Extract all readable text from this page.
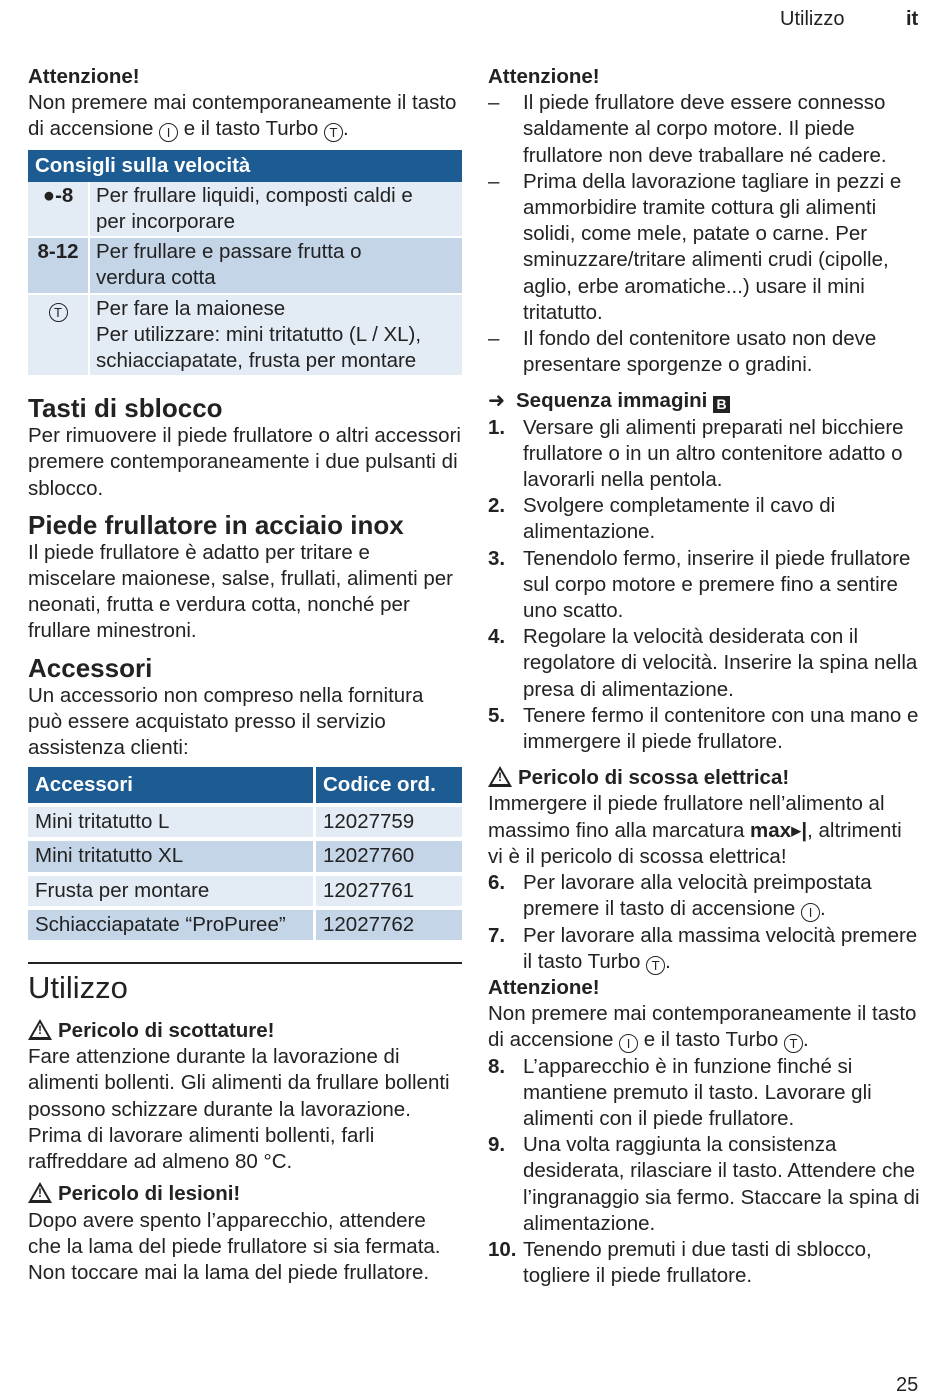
Utilizzo	it

Attenzione!

Non premere mai contemporaneamente il tasto di accensione I e il tasto Turbo T .

Consigli sulla velocità	
●-8	Per frullare liquidi, composti caldi e
per incorporare

8-12	Per frullare e passare frutta o
verdura cotta

T	Per fare la maionese
Per utilizzare: mini tritatutto (L / XL),
schiacciapatate, frusta per montare
Tasti di sblocco

Per rimuovere il piede frullatore o altri accessori premere contemporaneamente i due pulsanti di sblocco.

Piede frullatore in acciaio inox

Il piede frullatore è adatto per tritare e miscelare maionese, salse, frullati, alimenti per neonati, frutta e verdura cotta, nonché per frullare minestroni.

Accessori

Un accessorio non compreso nella fornitura può essere acquistato presso il servizio assistenza clienti:

Accessori	Codice ord.
Mini tritatutto L	12027759
Mini tritatutto XL	12027760
Frusta per montare	12027761
Schiacciapatate “ProPuree”	12027762
Utilizzo

! Pericolo di scottature!

Fare attenzione durante la lavorazione di alimenti bollenti. Gli alimenti da frullare bollenti possono schizzare durante la lavorazione. Prima di lavorare alimenti bollenti, farli raffreddare ad almeno 80 °C.

! Pericolo di lesioni!

Dopo avere spento l’apparecchio, attendere che la lama del piede frullatore si sia fermata. Non toccare mai la lama del piede frullatore.

Attenzione!

– Il piede frullatore deve essere connesso saldamente al corpo motore. Il piede frullatore non deve traballare né cadere.
– Prima della lavorazione tagliare in pezzi e ammorbidire tramite cottura gli alimenti solidi, come mele, patate o carne. Per sminuzzare/tritare alimenti crudi (cipolle, aglio, erbe aromatiche...) usare il mini tritatutto.
– Il fondo del contenitore usato non deve presentare sporgenze o gradini.

➜ Sequenza immagini B

1. Versare gli alimenti preparati nel bicchiere frullatore o in un altro contenitore adatto o lavorarli nella pentola.
2. Svolgere completamente il cavo di alimentazione.
3. Tenendolo fermo, inserire il piede frullatore sul corpo motore e premere fino a sentire uno scatto.
4. Regolare la velocità desiderata con il regolatore di velocità. Inserire la spina nella presa di alimentazione.
5. Tenere fermo il contenitore con una mano e immergere il piede frullatore.

! Pericolo di scossa elettrica!

Immergere il piede frullatore nell’alimento al massimo fino alla marcatura max▸|, altrimenti vi è il pericolo di scossa elettrica!

6. Per lavorare alla velocità preimpostata premere il tasto di accensione I .
7. Per lavorare alla massima velocità premere il tasto Turbo T .

Attenzione!

Non premere mai contemporaneamente il tasto di accensione I e il tasto Turbo T .

8. L’apparecchio è in funzione finché si mantiene premuto il tasto. Lavorare gli alimenti con il piede frullatore.
9. Una volta raggiunta la consistenza desiderata, rilasciare il tasto. Attendere che l’ingranaggio sia fermo. Staccare la spina di alimentazione.
10. Tenendo premuti i due tasti di sblocco, togliere il piede frullatore.
25
